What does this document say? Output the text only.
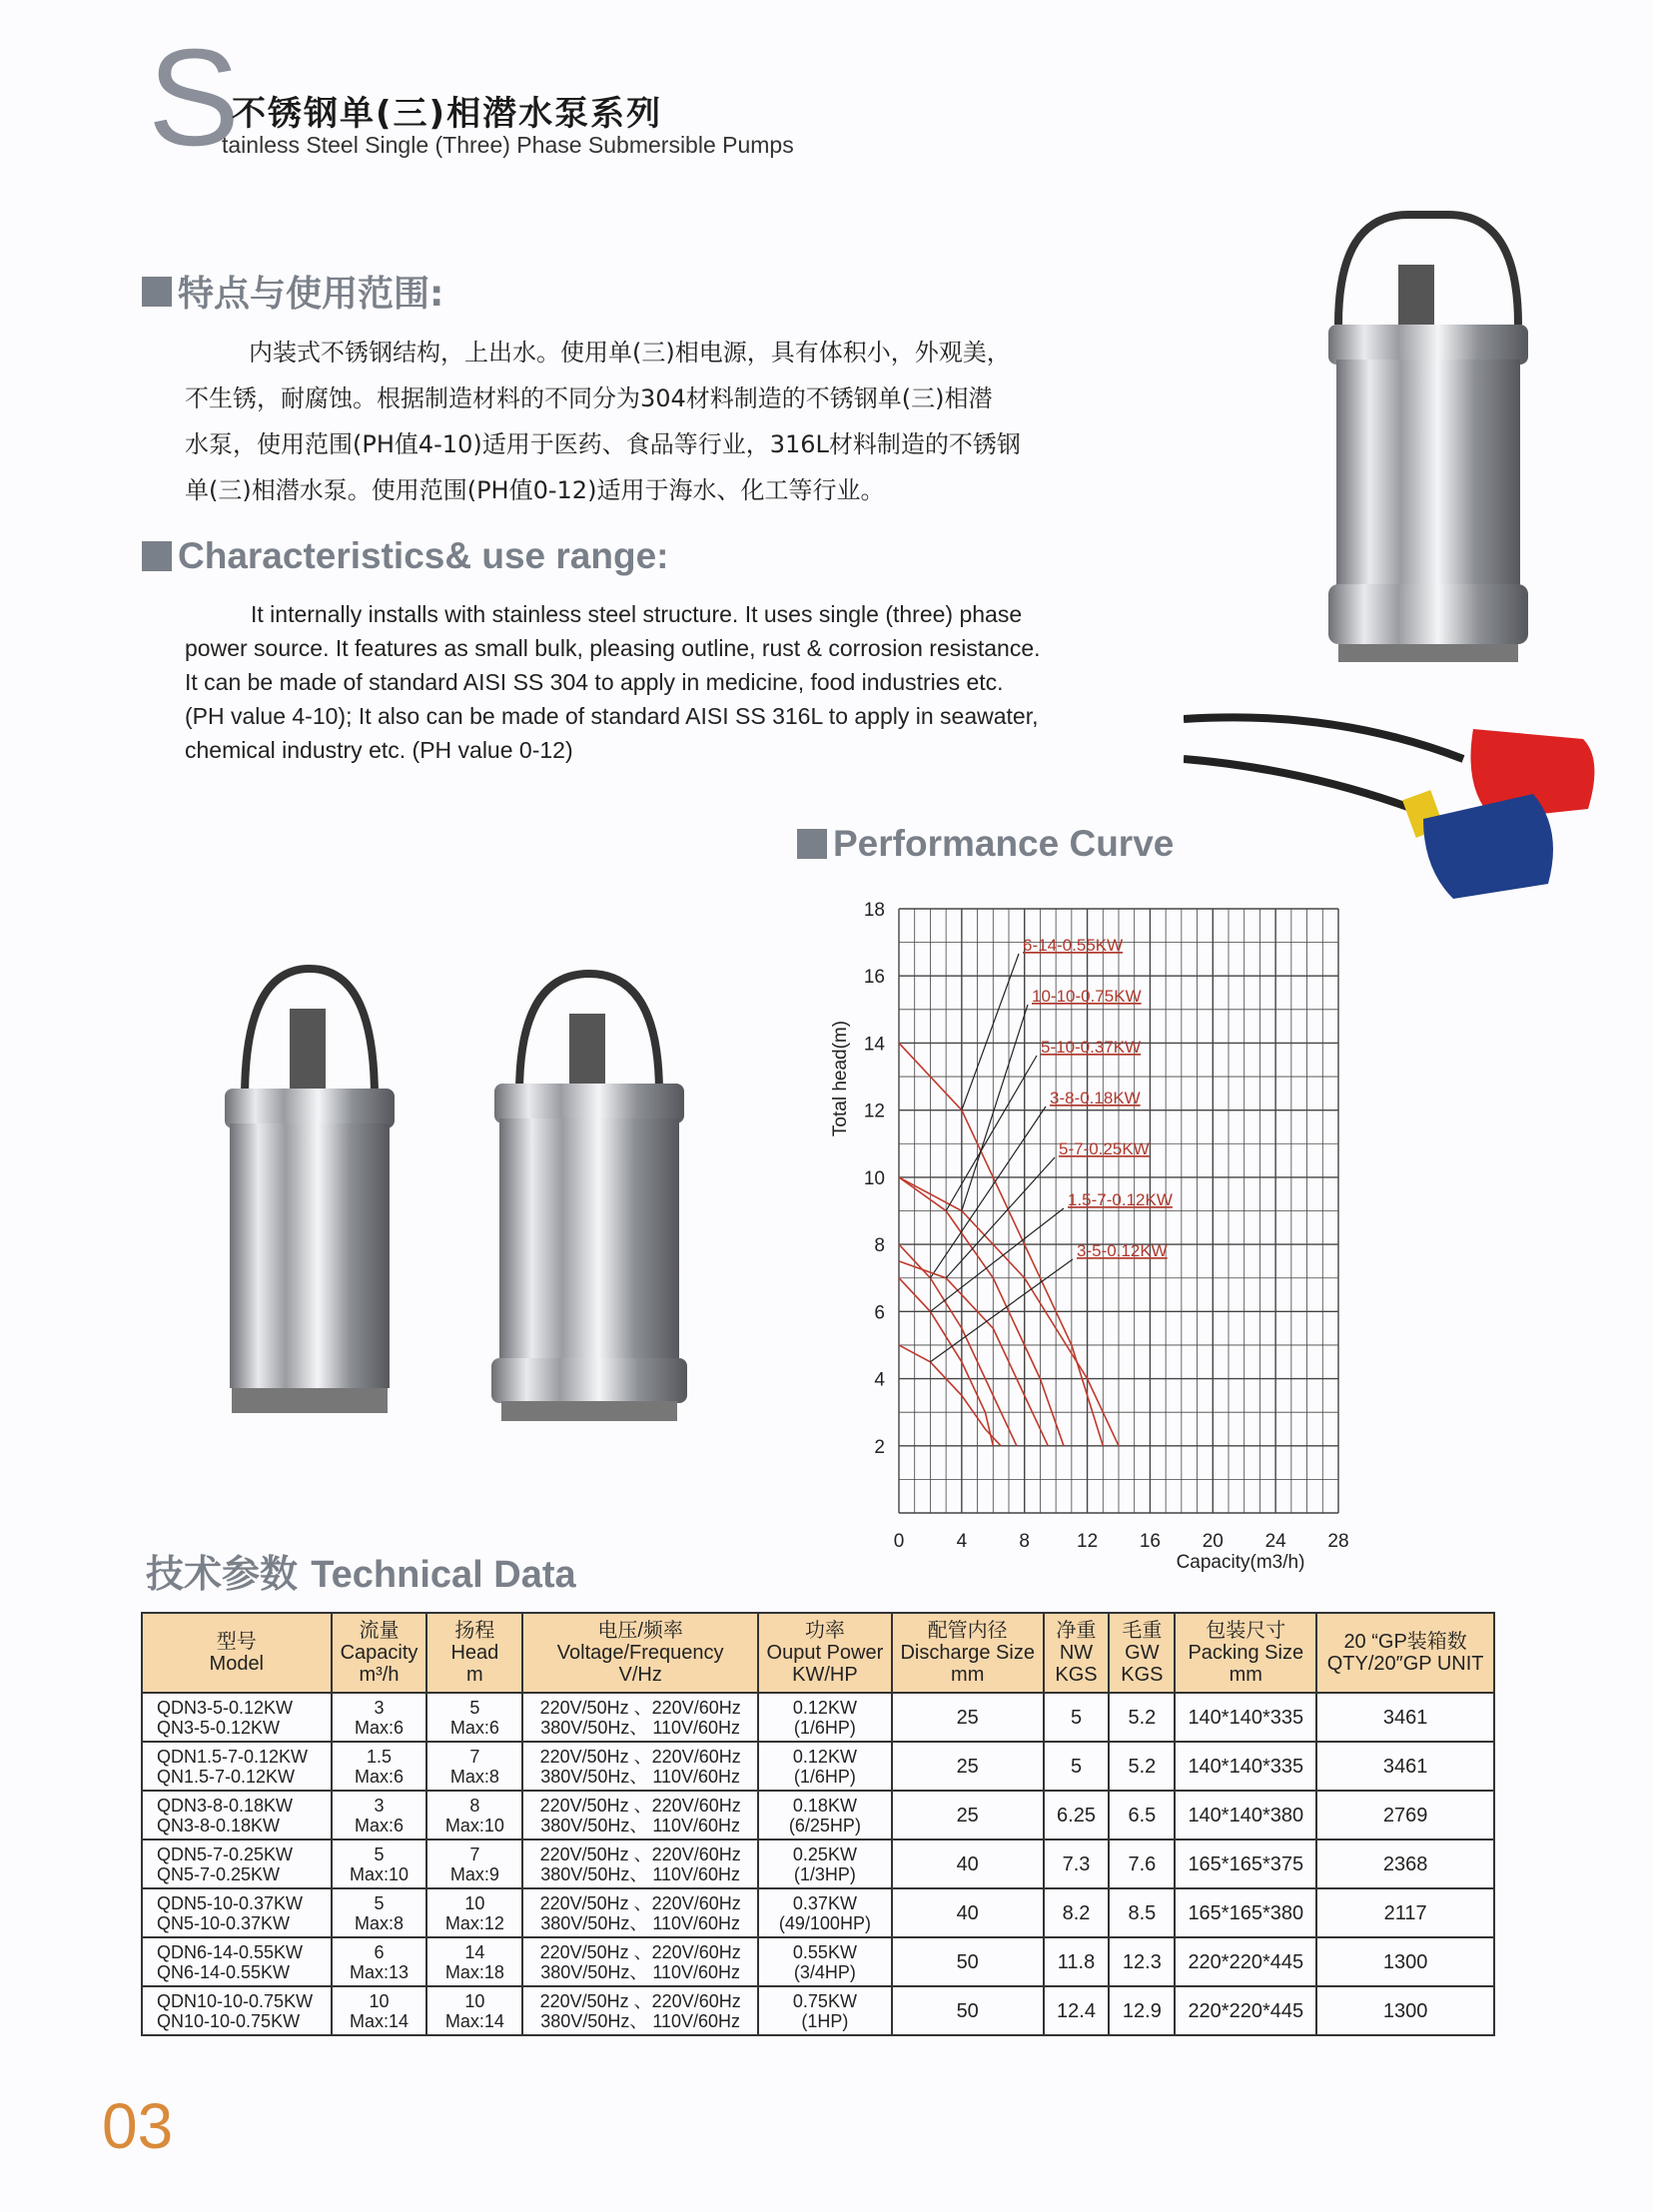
S
不锈钢单(三)相潜水泵系列
tainless Steel Single (Three) Phase Submersible Pumps
特点与使用范围:

内装式不锈钢结构，上出水。使用单(三)相电源，具有体积小，外观美，

不生锈，耐腐蚀。根据制造材料的不同分为304材料制造的不锈钢单(三)相潜

水泵，使用范围(PH值4-10)适用于医药、食品等行业，316L材料制造的不锈钢

单(三)相潜水泵。使用范围(PH值0-12)适用于海水、化工等行业。

Characteristics& use range:

It internally installs with stainless steel structure. It uses single (three) phase

power source. It features as small bulk, pleasing outline, rust & corrosion resistance.

It can be made of standard AISI SS 304 to apply in medicine, food industries etc.

(PH value 4-10); It also can be made of standard AISI SS 316L to apply in seawater,

chemical industry etc. (PH value 0-12)

Performance Curve
0	4	8 12 16 20 24 28
2
4
6
8
10
12
14
16
18
6-14-0.55KW
10-10-0.75KW
5-10-0.37KW
3-8-0.18KW
5-7-0.25KW
1.5-7-0.12KW
3-5-0.12KW
Total head(m)
Capacity(m3/h)
技术参数 Technical Data
型号
Model	流量
Capacity
m³/h	扬程
Head
m	电压/频率
Voltage/Frequency
V/Hz	功率
Ouput Power
KW/HP	配管内径
Discharge Size
mm	净重
NW
KGS	毛重
GW
KGS	包装尺寸
Packing Size
mm	20 “GP装箱数
QTY/20″GP UNIT

QDN3-5-0.12KW
QN3-5-0.12KW	3
Max:6	5
Max:6	220V/50Hz 、220V/60Hz
380V/50Hz、 110V/60Hz	0.12KW
(1/6HP)	25	5	5.2	140*140*335	3461

QDN1.5-7-0.12KW
QN1.5-7-0.12KW	1.5
Max:6	7
Max:8	220V/50Hz 、220V/60Hz
380V/50Hz、 110V/60Hz	0.12KW
(1/6HP)	25	5	5.2	140*140*335	3461

QDN3-8-0.18KW
QN3-8-0.18KW	3
Max:6	8
Max:10	220V/50Hz 、220V/60Hz
380V/50Hz、 110V/60Hz	0.18KW
(6/25HP)	25	6.25	6.5	140*140*380	2769

QDN5-7-0.25KW
QN5-7-0.25KW	5
Max:10	7
Max:9	220V/50Hz 、220V/60Hz
380V/50Hz、 110V/60Hz	0.25KW
(1/3HP)	40	7.3	7.6	165*165*375	2368

QDN5-10-0.37KW
QN5-10-0.37KW	5
Max:8	10
Max:12	220V/50Hz 、220V/60Hz
380V/50Hz、 110V/60Hz	0.37KW
(49/100HP)	40	8.2	8.5	165*165*380	2117

QDN6-14-0.55KW
QN6-14-0.55KW	6
Max:13	14
Max:18	220V/50Hz 、220V/60Hz
380V/50Hz、 110V/60Hz	0.55KW
(3/4HP)	50	11.8	12.3	220*220*445	1300

QDN10-10-0.75KW
QN10-10-0.75KW	10
Max:14	10
Max:14	220V/50Hz 、220V/60Hz
380V/50Hz、 110V/60Hz	0.75KW
(1HP)	50	12.4	12.9	220*220*445	1300
03
